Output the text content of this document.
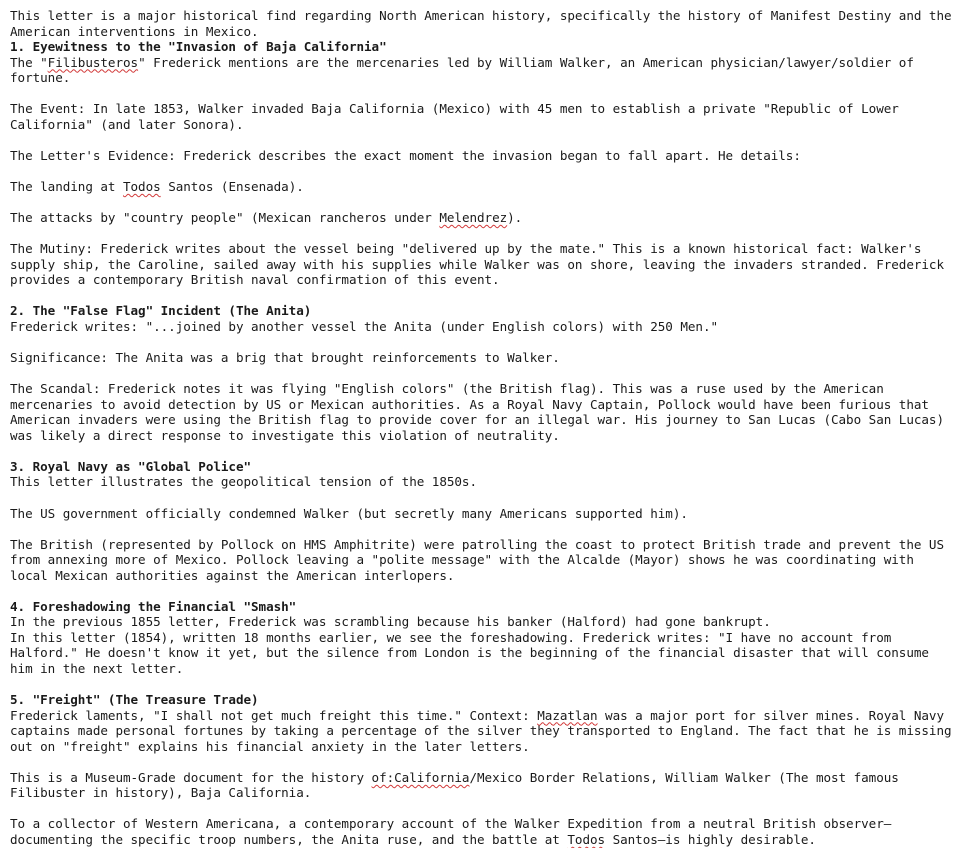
This letter is a major historical find regarding North American history, specifically the history of Manifest Destiny and the American interventions in Mexico.

1. Eyewitness to the "Invasion of Baja California"

The "Filibusteros" Frederick mentions are the mercenaries led by William Walker, an American physician/lawyer/soldier of fortune.

The Event: In late 1853, Walker invaded Baja California (Mexico) with 45 men to establish a private "Republic of Lower California" (and later Sonora).

The Letter's Evidence: Frederick describes the exact moment the invasion began to fall apart. He details:

The landing at Todos Santos (Ensenada).

The attacks by "country people" (Mexican rancheros under Melendrez).

The Mutiny: Frederick writes about the vessel being "delivered up by the mate." This is a known historical fact: Walker's supply ship, the Caroline, sailed away with his supplies while Walker was on shore, leaving the invaders stranded. Frederick provides a contemporary British naval confirmation of this event.

2. The "False Flag" Incident (The Anita)

Frederick writes: "...joined by another vessel the Anita (under English colors) with 250 Men."

Significance: The Anita was a brig that brought reinforcements to Walker.

The Scandal: Frederick notes it was flying "English colors" (the British flag). This was a ruse used by the American mercenaries to avoid detection by US or Mexican authorities. As a Royal Navy Captain, Pollock would have been furious that American invaders were using the British flag to provide cover for an illegal war. His journey to San Lucas (Cabo San Lucas) was likely a direct response to investigate this violation of neutrality.

3. Royal Navy as "Global Police"

This letter illustrates the geopolitical tension of the 1850s.

The US government officially condemned Walker (but secretly many Americans supported him).

The British (represented by Pollock on HMS Amphitrite) were patrolling the coast to protect British trade and prevent the US from annexing more of Mexico. Pollock leaving a "polite message" with the Alcalde (Mayor) shows he was coordinating with local Mexican authorities against the American interlopers.

4. Foreshadowing the Financial "Smash"

In the previous 1855 letter, Frederick was scrambling because his banker (Halford) had gone bankrupt.

In this letter (1854), written 18 months earlier, we see the foreshadowing. Frederick writes: "I have no account from Halford." He doesn't know it yet, but the silence from London is the beginning of the financial disaster that will consume him in the next letter.

5. "Freight" (The Treasure Trade)

Frederick laments, "I shall not get much freight this time." Context: Mazatlan was a major port for silver mines. Royal Navy captains made personal fortunes by taking a percentage of the silver they transported to England. The fact that he is missing out on "freight" explains his financial anxiety in the later letters.

This is a Museum-Grade document for the history of:California/Mexico Border Relations, William Walker (The most famous Filibuster in history), Baja California.

To a collector of Western Americana, a contemporary account of the Walker Expedition from a neutral British observer—documenting the specific troop numbers, the Anita ruse, and the battle at Todos Santos—is highly desirable.
